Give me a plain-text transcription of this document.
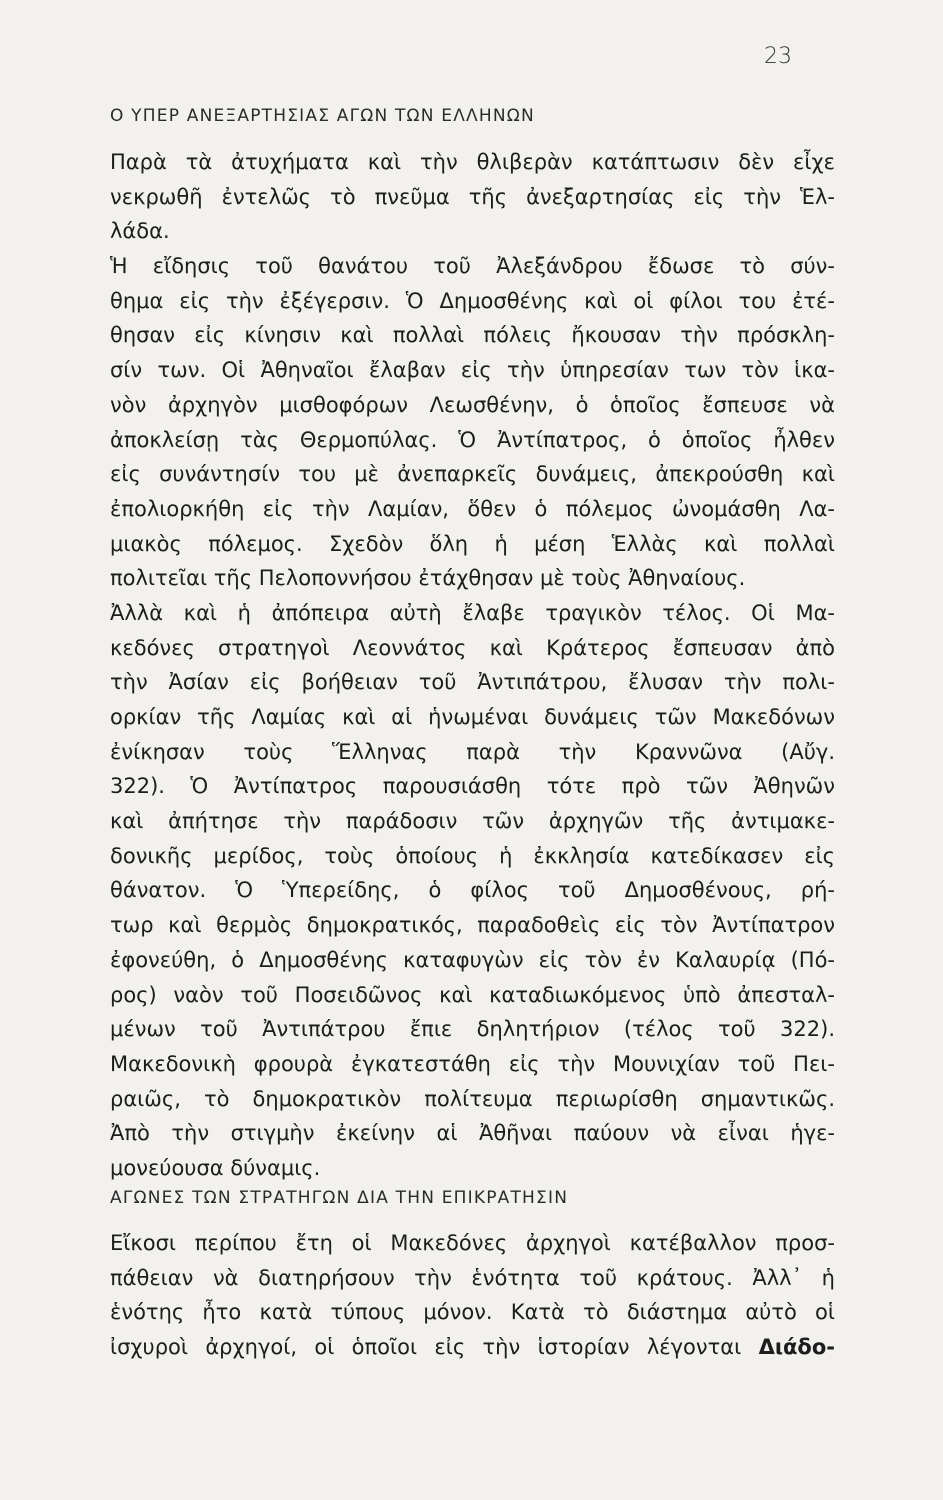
23
Ο ΥΠΕΡ ΑΝΕΞΑΡΤΗΣΙΑΣ ΑΓΩΝ ΤΩΝ ΕΛΛΗΝΩΝ
Παρὰ τὰ ἀτυχήματα καὶ τὴν θλιβερὰν κατάπτωσιν δὲν εἶχε
νεκρωθῆ ἐντελῶς τὸ πνεῦμα τῆς ἀνεξαρτησίας εἰς τὴν Ἑλ-
λάδα.
Ἡ εἴδησις τοῦ θανάτου τοῦ Ἀλεξάνδρου ἔδωσε τὸ σύν-
θημα εἰς τὴν ἐξέγερσιν. Ὁ Δημοσθένης καὶ οἱ φίλοι του ἐτέ-
θησαν εἰς κίνησιν καὶ πολλαὶ πόλεις ἤκουσαν τὴν πρόσκλη-
σίν των. Οἱ Ἀθηναῖοι ἔλαβαν εἰς τὴν ὑπηρεσίαν των τὸν ἱκα-
νὸν ἀρχηγὸν μισθοφόρων Λεωσθένην, ὁ ὁποῖος ἔσπευσε νὰ
ἀποκλείσῃ τὰς Θερμοπύλας. Ὁ Ἀντίπατρος, ὁ ὁποῖος ἦλθεν
εἰς συνάντησίν του μὲ ἀνεπαρκεῖς δυνάμεις, ἀπεκρούσθη καὶ
ἐπολιορκήθη εἰς τὴν Λαμίαν, ὅθεν ὁ πόλεμος ὠνομάσθη Λα-
μιακὸς πόλεμος. Σχεδὸν ὅλη ἡ μέση Ἑλλὰς καὶ πολλαὶ
πολιτεῖαι τῆς Πελοποννήσου ἐτάχθησαν μὲ τοὺς Ἀθηναίους.
Ἀλλὰ καὶ ἡ ἀπόπειρα αὐτὴ ἔλαβε τραγικὸν τέλος. Οἱ Μα-
κεδόνες στρατηγοὶ Λεοννάτος καὶ Κράτερος ἔσπευσαν ἀπὸ
τὴν Ἀσίαν εἰς βοήθειαν τοῦ Ἀντιπάτρου, ἔλυσαν τὴν πολι-
ορκίαν τῆς Λαμίας καὶ αἱ ἡνωμέναι δυνάμεις τῶν Μακεδόνων
ἐνίκησαν τοὺς Ἕλληνας παρὰ τὴν Κραννῶνα (Αὔγ.
322). Ὁ Ἀντίπατρος παρουσιάσθη τότε πρὸ τῶν Ἀθηνῶν
καὶ ἀπήτησε τὴν παράδοσιν τῶν ἀρχηγῶν τῆς ἀντιμακε-
δονικῆς μερίδος, τοὺς ὁποίους ἡ ἐκκλησία κατεδίκασεν εἰς
θάνατον. Ὁ Ὑπερείδης, ὁ φίλος τοῦ Δημοσθένους, ρή-
τωρ καὶ θερμὸς δημοκρατικός, παραδοθεὶς εἰς τὸν Ἀντίπατρον
ἐφονεύθη, ὁ Δημοσθένης καταφυγὼν εἰς τὸν ἐν Καλαυρίᾳ (Πό-
ρος) ναὸν τοῦ Ποσειδῶνος καὶ καταδιωκόμενος ὑπὸ ἀπεσταλ-
μένων τοῦ Ἀντιπάτρου ἔπιε δηλητήριον (τέλος τοῦ 322).
Μακεδονικὴ φρουρὰ ἐγκατεστάθη εἰς τὴν Μουνιχίαν τοῦ Πει-
ραιῶς, τὸ δημοκρατικὸν πολίτευμα περιωρίσθη σημαντικῶς.
Ἀπὸ τὴν στιγμὴν ἐκείνην αἱ Ἀθῆναι παύουν νὰ εἶναι ἡγε-
μονεύουσα δύναμις.
ΑΓΩΝΕΣ ΤΩΝ ΣΤΡΑΤΗΓΩΝ ΔΙΑ ΤΗΝ ΕΠΙΚΡΑΤΗΣΙΝ
Εἴκοσι περίπου ἔτη οἱ Μακεδόνες ἀρχηγοὶ κατέβαλλον προσ-
πάθειαν νὰ διατηρήσουν τὴν ἑνότητα τοῦ κράτους. Ἀλλ᾽ ἡ
ἑνότης ἦτο κατὰ τύπους μόνον. Κατὰ τὸ διάστημα αὐτὸ οἱ
ἰσχυροὶ ἀρχηγοί, οἱ ὁποῖοι εἰς τὴν ἱστορίαν λέγονται Διάδο-
